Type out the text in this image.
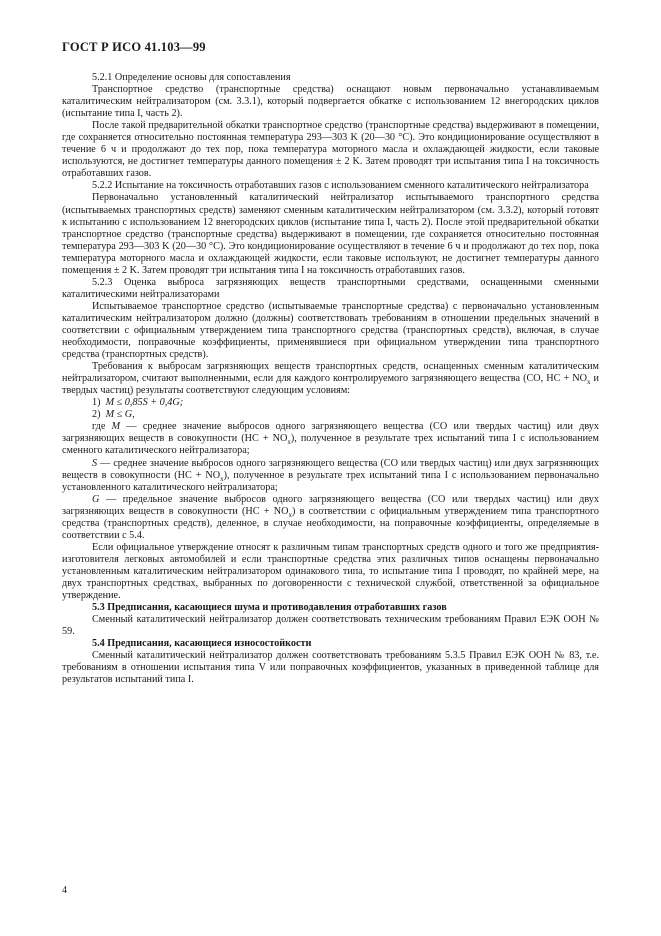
ГОСТ Р ИСО 41.103—99

5.2.1 Определение основы для сопоставления

Транспортное средство (транспортные средства) оснащают новым первоначально устанавливаемым каталитическим нейтрализатором (см. 3.3.1), который подвергается обкатке с использованием 12 внегородских циклов (испытание типа I, часть 2).

После такой предварительной обкатки транспортное средство (транспортные средства) выдерживают в помещении, где сохраняется относительно постоянная температура 293—303 K (20—30 °С). Это кондиционирование осуществляют в течение 6 ч и продолжают до тех пор, пока температура моторного масла и охлаждающей жидкости, если таковые используются, не достигнет температуры данного помещения ± 2 K. Затем проводят три испытания типа I на токсичность отработавших газов.

5.2.2 Испытание на токсичность отработавших газов с использованием сменного каталитического нейтрализатора

Первоначально установленный каталитический нейтрализатор испытываемого транспортного средства (испытываемых транспортных средств) заменяют сменным каталитическим нейтрализатором (см. 3.3.2), который готовят к испытанию с использованием 12 внегородских циклов (испытание типа I, часть 2). После этой предварительной обкатки транспортное средство (транспортные средства) выдерживают в помещении, где сохраняется относительно постоянная температура 293—303 K (20—30 °С). Это кондиционирование осуществляют в течение 6 ч и продолжают до тех пор, пока температура моторного масла и охлаждающей жидкости, если таковые используют, не достигнет температуры данного помещения ± 2 K. Затем проводят три испытания типа I на токсичность отработавших газов.

5.2.3 Оценка выброса загрязняющих веществ транспортными средствами, оснащенными сменными каталитическими нейтрализаторами

Испытываемое транспортное средство (испытываемые транспортные средства) с первоначально установленным каталитическим нейтрализатором должно (должны) соответствовать требованиям в отношении предельных значений в соответствии с официальным утверждением типа транспортного средства (транспортных средств), включая, в случае необходимости, поправочные коэффициенты, применявшиеся при официальном утверждении типа транспортного средства (транспортных средств).

Требования к выбросам загрязняющих веществ транспортных средств, оснащенных сменным каталитическим нейтрализатором, считают выполненными, если для каждого контролируемого загрязняющего вещества (CO, HC + $NO_x$ и твердых частиц) результаты соответствуют следующим условиям:

1) M ≤ 0,85S + 0,4G;

2) M ≤ G,

где M — среднее значение выбросов одного загрязняющего вещества (CO или твердых частиц) или двух загрязняющих веществ в совокупности $(HC + NO_x)$, полученное в результате трех испытаний типа I с использованием сменного каталитического нейтрализатора;

S — среднее значение выбросов одного загрязняющего вещества (CO или твердых частиц) или двух загрязняющих веществ в совокупности $(HC + NO_x)$, полученное в результате трех испытаний типа I с использованием первоначально установленного каталитического нейтрализатора;

G — предельное значение выбросов одного загрязняющего вещества (CO или твердых частиц) или двух загрязняющих веществ в совокупности $(HC + NO_x)$ в соответствии с официальным утверждением типа транспортного средства (транспортных средств), деленное, в случае необходимости, на поправочные коэффициенты, определяемые в соответствии с 5.4.

Если официальное утверждение относят к различным типам транспортных средств одного и того же предприятия-изготовителя легковых автомобилей и если транспортные средства этих различных типов оснащены первоначально установленным каталитическим нейтрализатором одинакового типа, то испытание типа I проводят, по крайней мере, на двух транспортных средствах, выбранных по договоренности с технической службой, ответственной за официальное утверждение.

5.3 Предписания, касающиеся шума и противодавления отработавших газов

Сменный каталитический нейтрализатор должен соответствовать техническим требованиям Правил ЕЭК ООН № 59.

5.4 Предписания, касающиеся износостойкости

Сменный каталитический нейтрализатор должен соответствовать требованиям 5.3.5 Правил ЕЭК ООН № 83, т.е. требованиям в отношении испытания типа V или поправочных коэффициентов, указанных в приведенной таблице для результатов испытаний типа I.

4
